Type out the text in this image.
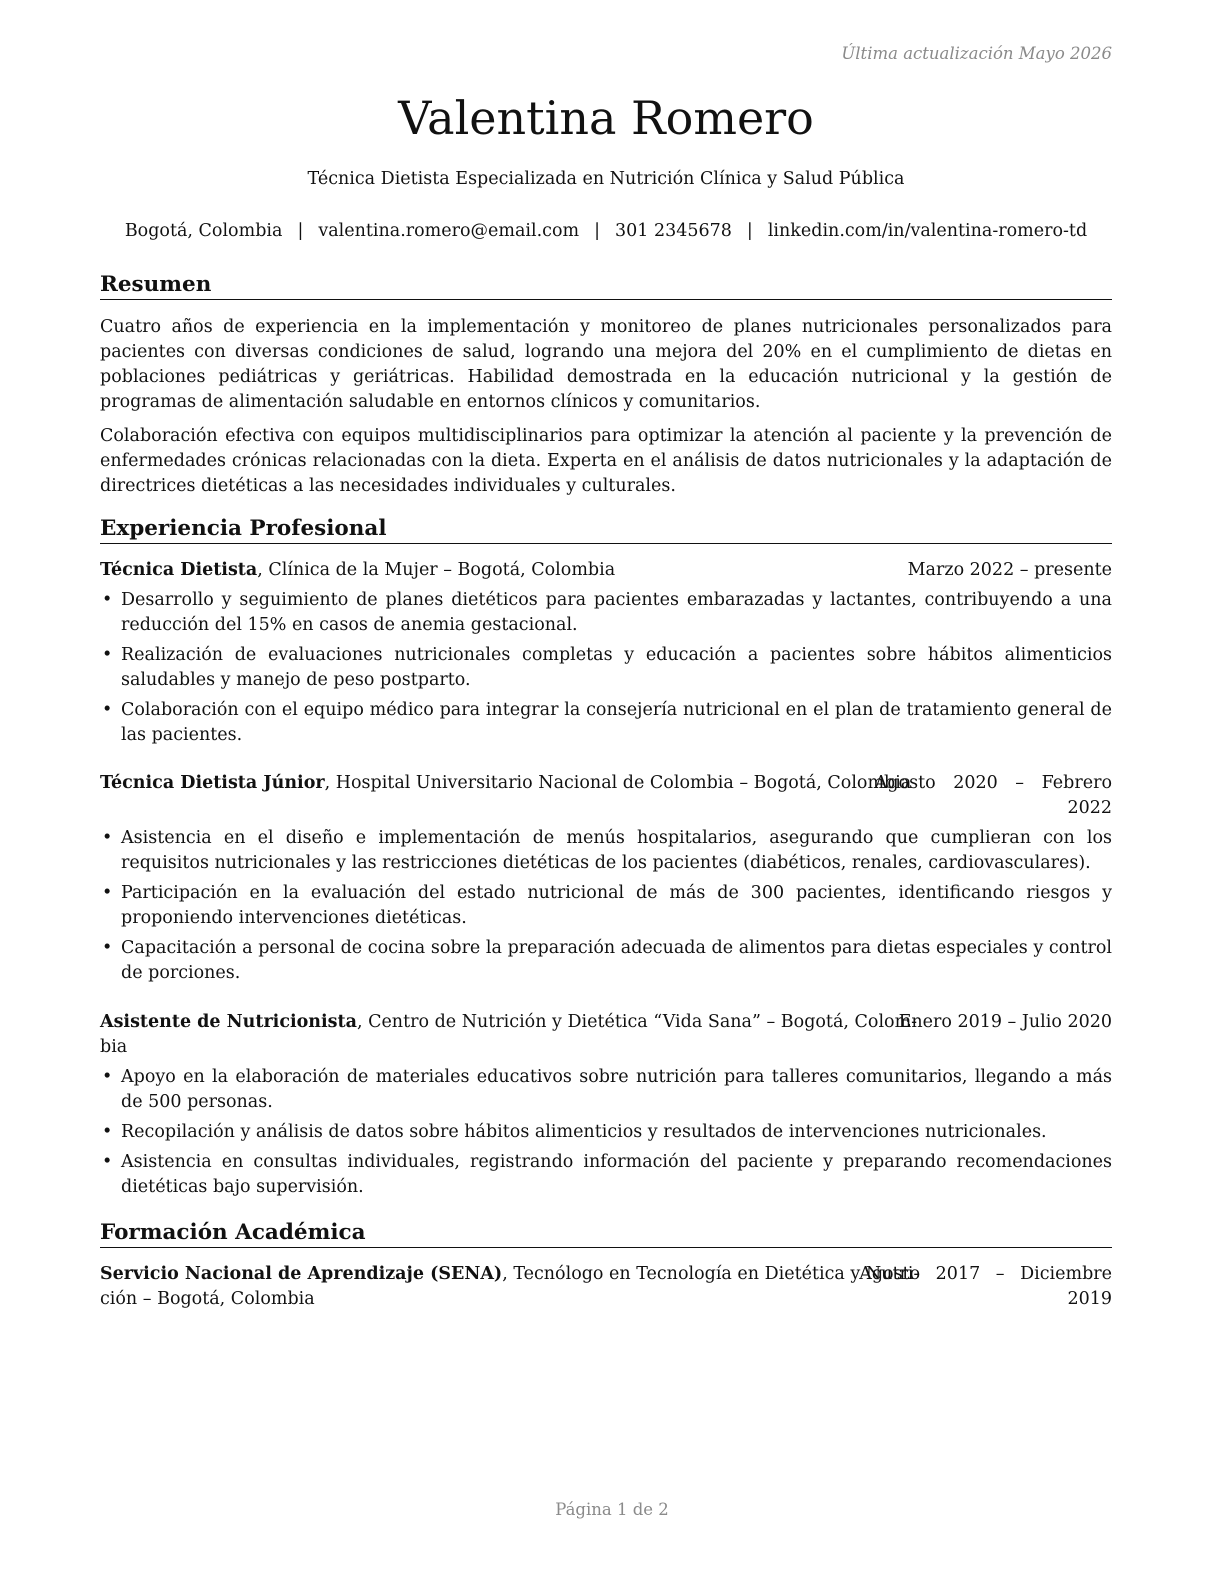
Última actualización Mayo 2026
Valentina Romero
Técnica Dietista Especializada en Nutrición Clínica y Salud Pública
Bogotá, Colombia | valentina.romero@email.com | 301 2345678 | linkedin.com/in/valentina-romero-td
Resumen
Cuatro años de experiencia en la implementación y monitoreo de planes nutricionales personalizados para pacientes con diversas condiciones de salud, logrando una mejora del 20% en el cumplimiento de dietas en poblaciones pediátricas y geriátricas. Habilidad demostrada en la educación nutricional y la gestión de programas de alimentación saludable en entornos clínicos y comunitarios.
Colaboración efectiva con equipos multidisciplinarios para optimizar la atención al paciente y la prevención de enfermedades crónicas relacionadas con la dieta. Experta en el análisis de datos nutricionales y la adaptación de directrices dietéticas a las necesidades individuales y culturales.
Experiencia Profesional
Técnica Dietista, Clínica de la Mujer – Bogotá, Colombia	Marzo 2022 – presente
• Desarrollo y seguimiento de planes dietéticos para pacientes embarazadas y lactantes, contribuyendo a una reducción del 15% en casos de anemia gestacional.
• Realización de evaluaciones nutricionales completas y educación a pacientes sobre hábitos alimenticios saludables y manejo de peso postparto.
• Colaboración con el equipo médico para integrar la consejería nutricional en el plan de tratamiento general de las pacientes.
Técnica Dietista Júnior, Hospital Universitario Nacional de Colombia – Bogotá, Colombia
Agosto 2020 – Febrero
2022
• Asistencia en el diseño e implementación de menús hospitalarios, asegurando que cumplieran con los requisitos nutricionales y las restricciones dietéticas de los pacientes (diabéticos, renales, cardiovasculares).
• Participación en la evaluación del estado nutricional de más de 300 pacientes, identificando riesgos y proponiendo intervenciones dietéticas.
• Capacitación a personal de cocina sobre la preparación adecuada de alimentos para dietas especiales y control de porciones.
Asistente de Nutricionista, Centro de Nutrición y Dietética “Vida Sana” – Bogotá, Colom-
bia
Enero 2019 – Julio 2020
• Apoyo en la elaboración de materiales educativos sobre nutrición para talleres comunitarios, llegando a más de 500 personas.
• Recopilación y análisis de datos sobre hábitos alimenticios y resultados de intervenciones nutricionales.
• Asistencia en consultas individuales, registrando información del paciente y preparando recomendaciones dietéticas bajo supervisión.
Formación Académica
Servicio Nacional de Aprendizaje (SENA), Tecnólogo en Tecnología en Dietética y Nutri-
ción – Bogotá, Colombia
Agosto 2017 – Diciembre
2019
Página 1 de 2
